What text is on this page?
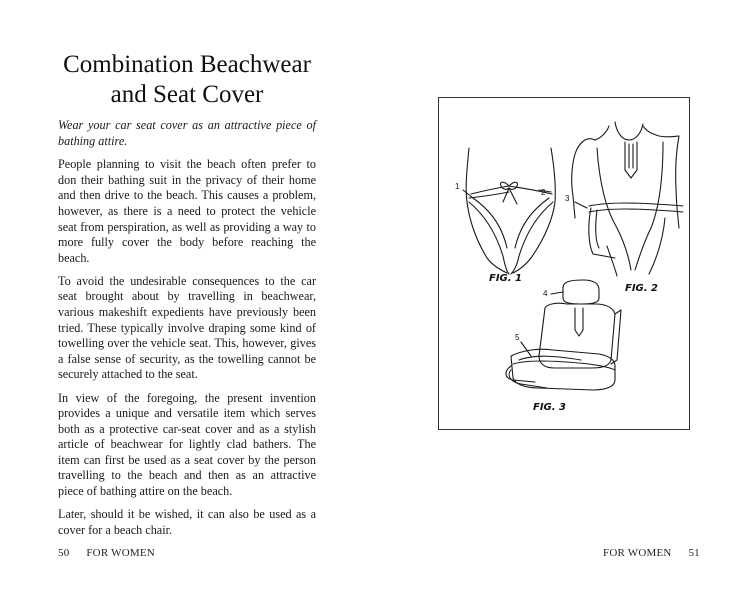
Combination Beachwear
and Seat Cover

Wear your car seat cover as an attractive piece of bathing attire.

People planning to visit the beach often prefer to don their bathing suit in the privacy of their home and then drive to the beach. This causes a problem, however, as there is a need to protect the vehicle seat from perspiration, as well as providing a way to more fully cover the body before reaching the beach.

To avoid the undesirable consequences to the car seat brought about by travelling in beachwear, various makeshift expedients have previously been tried. These typically involve draping some kind of towelling over the vehicle seat. This, however, gives a false sense of security, as the towelling cannot be securely attached to the seat.

In view of the foregoing, the present invention provides a unique and versatile item which serves both as a protective car-seat cover and as a stylish article of beachwear for lightly clad bathers. The item can first be used as a seat cover by the person travelling to the beach and then as an attractive piece of bathing attire on the beach.

Later, should it be wished, it can also be used as a cover for a beach chair.

50 FOR WOMEN
1
2
3
4
5
FIG. 1
FIG. 2
FIG. 3
FOR WOMEN 51
